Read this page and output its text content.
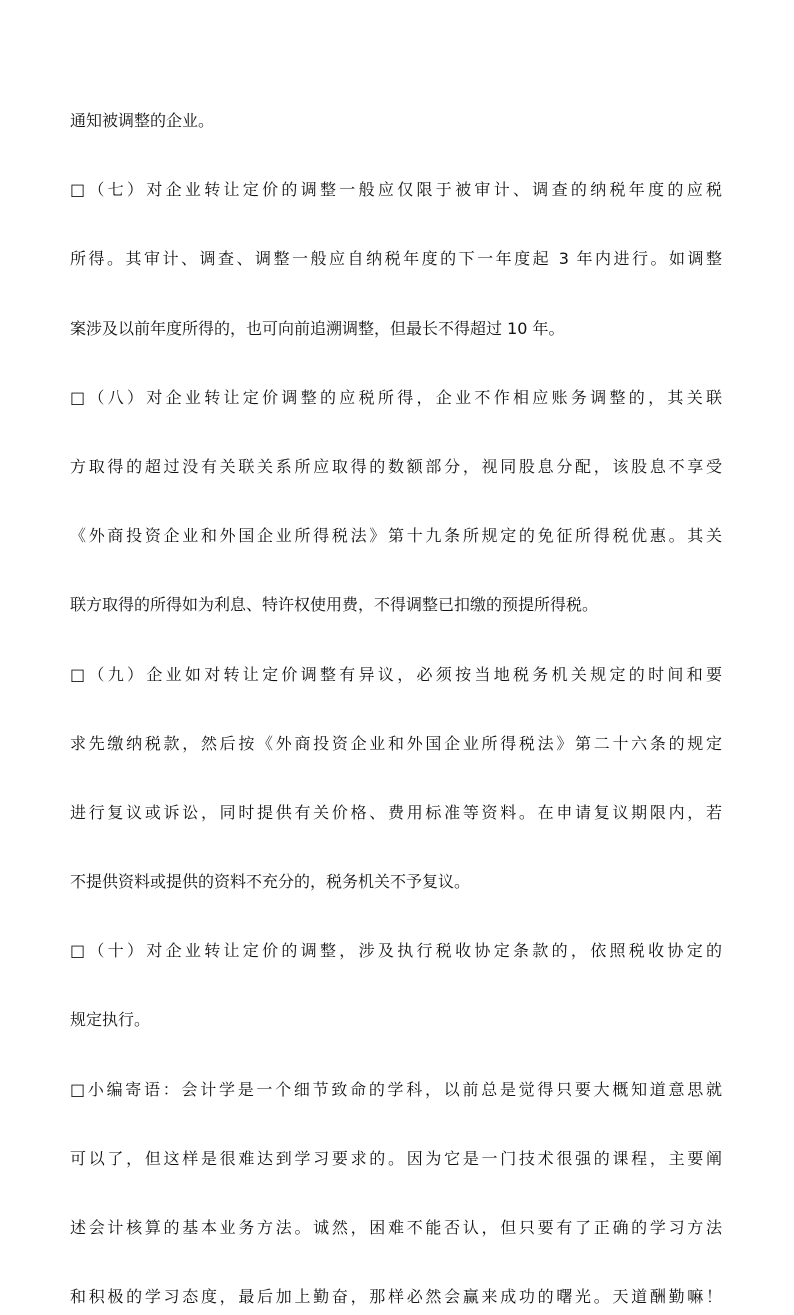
通知被调整的企业。
□（七）对企业转让定价的调整一般应仅限于被审计、调查的纳税年度的应税
所得。其审计、调查、调整一般应自纳税年度的下一年度起 3 年内进行。如调整
案涉及以前年度所得的，也可向前追溯调整，但最长不得超过 10 年。
□（八）对企业转让定价调整的应税所得，企业不作相应账务调整的，其关联
方取得的超过没有关联关系所应取得的数额部分，视同股息分配，该股息不享受
《外商投资企业和外国企业所得税法》第十九条所规定的免征所得税优惠。其关
联方取得的所得如为利息、特许权使用费，不得调整已扣缴的预提所得税。
□（九）企业如对转让定价调整有异议，必须按当地税务机关规定的时间和要
求先缴纳税款，然后按《外商投资企业和外国企业所得税法》第二十六条的规定
进行复议或诉讼，同时提供有关价格、费用标准等资料。在申请复议期限内，若
不提供资料或提供的资料不充分的，税务机关不予复议。
□（十）对企业转让定价的调整，涉及执行税收协定条款的，依照税收协定的
规定执行。
□小编寄语：会计学是一个细节致命的学科，以前总是觉得只要大概知道意思就
可以了，但这样是很难达到学习要求的。因为它是一门技术很强的课程，主要阐
述会计核算的基本业务方法。诚然，困难不能否认，但只要有了正确的学习方法
和积极的学习态度，最后加上勤奋，那样必然会赢来成功的曙光。天道酬勤嘛！
